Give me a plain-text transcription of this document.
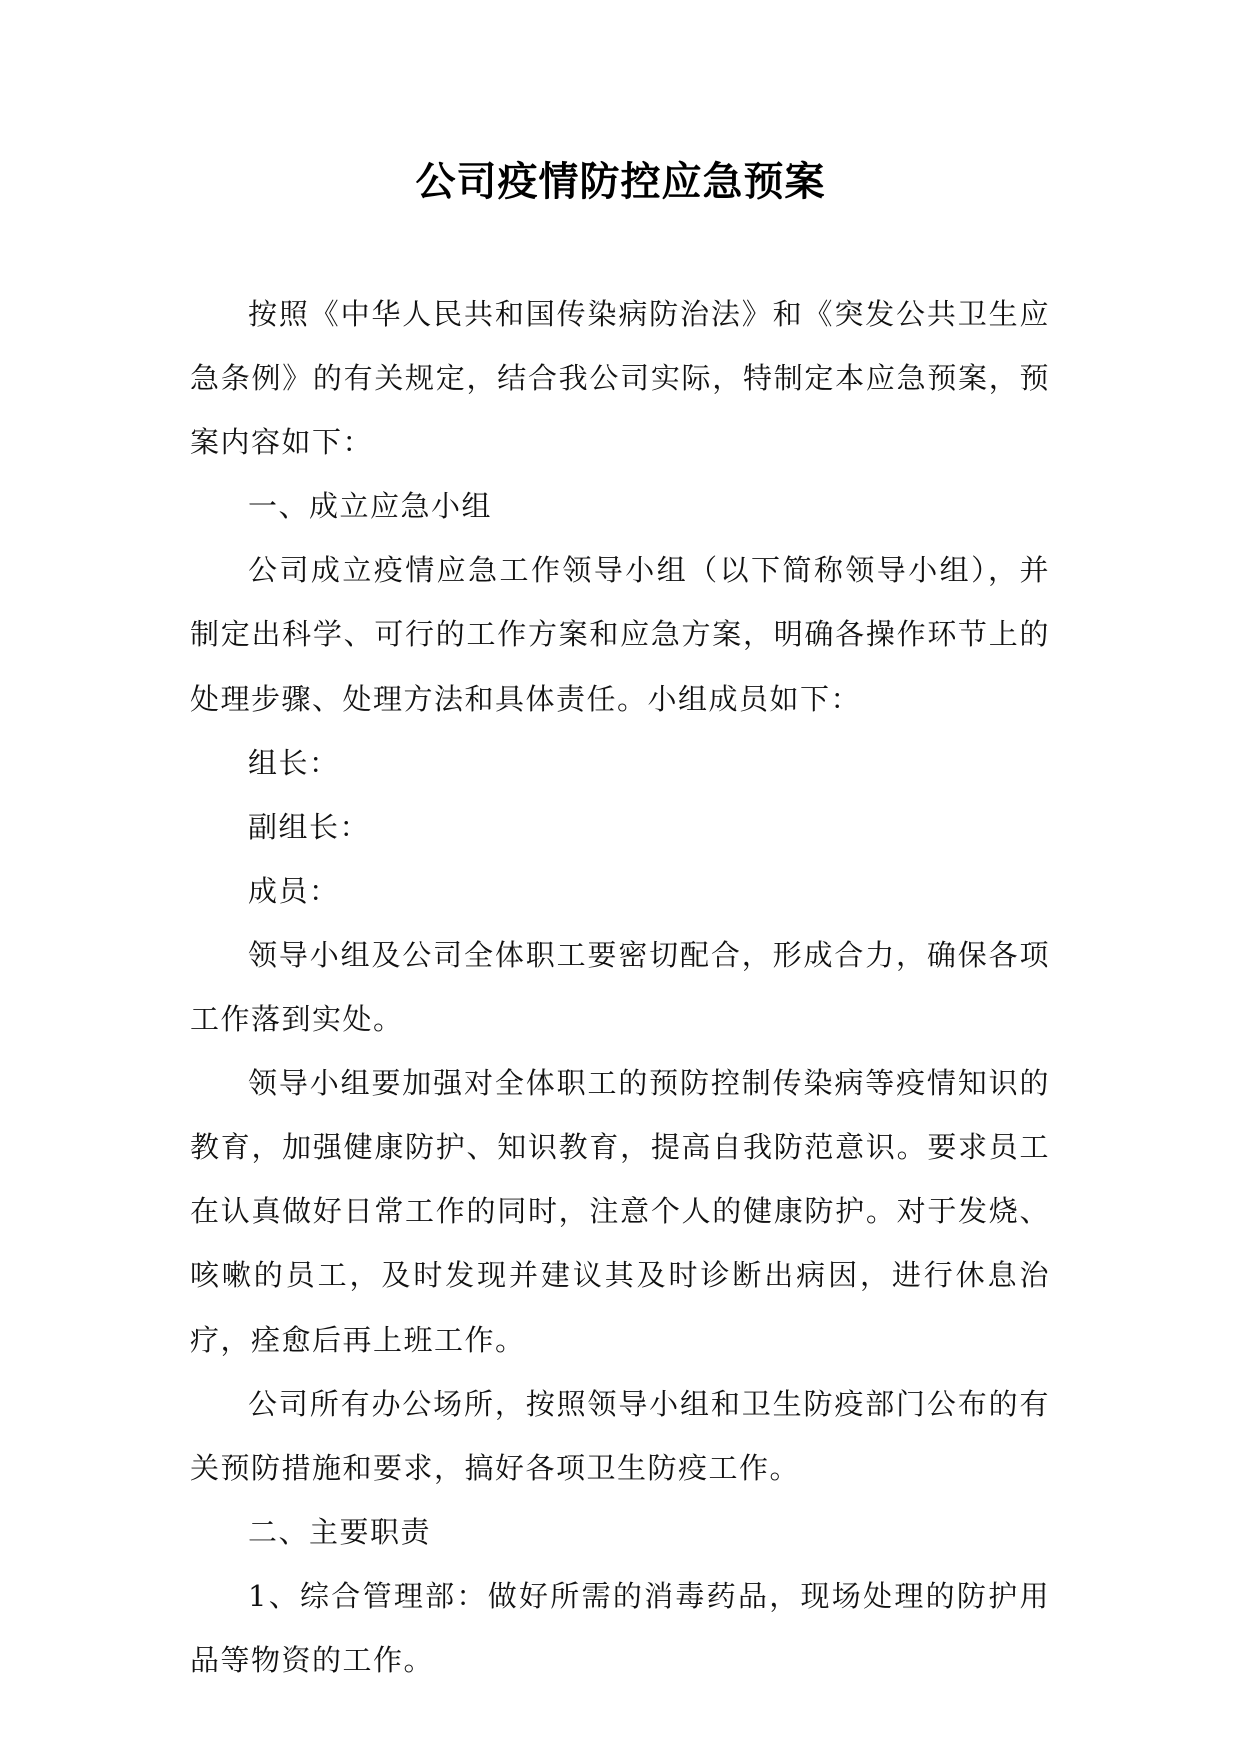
公司疫情防控应急预案

按照《中华人民共和国传染病防治法》和《突发公共卫生应急条例》的有关规定，结合我公司实际，特制定本应急预案，预案内容如下：

一、成立应急小组

公司成立疫情应急工作领导小组（以下简称领导小组），并制定出科学、可行的工作方案和应急方案，明确各操作环节上的处理步骤、处理方法和具体责任。小组成员如下：

组长：

副组长：

成员：

领导小组及公司全体职工要密切配合，形成合力，确保各项工作落到实处。

领导小组要加强对全体职工的预防控制传染病等疫情知识的教育，加强健康防护、知识教育，提高自我防范意识。要求员工在认真做好日常工作的同时，注意个人的健康防护。对于发烧、咳嗽的员工，及时发现并建议其及时诊断出病因，进行休息治疗，痊愈后再上班工作。

公司所有办公场所，按照领导小组和卫生防疫部门公布的有关预防措施和要求，搞好各项卫生防疫工作。

二、主要职责

1、综合管理部：做好所需的消毒药品，现场处理的防护用品等物资的工作。
